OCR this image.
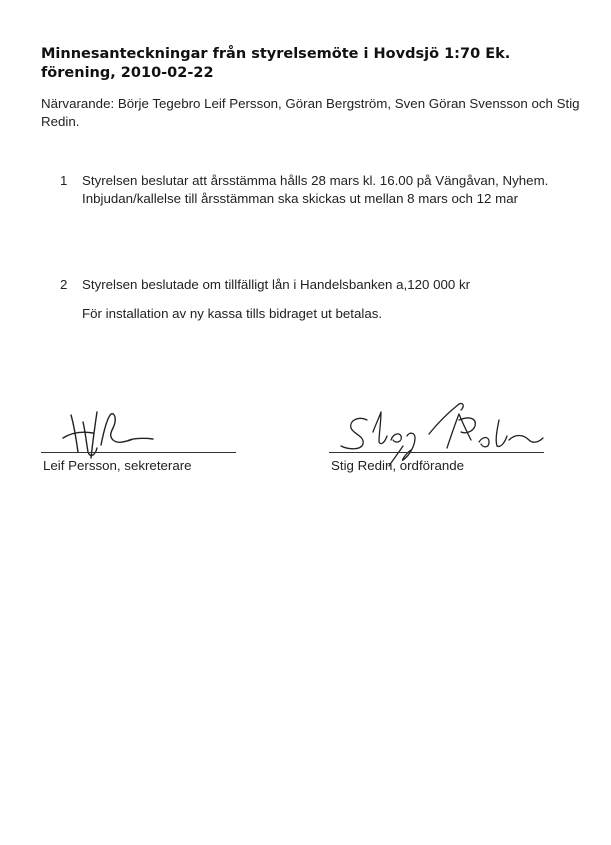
Minnesanteckningar från styrelsemöte i Hovdsjö 1:70 Ek. förening, 2010-02-22
Närvarande: Börje Tegebro Leif Persson, Göran Bergström, Sven Göran Svensson och Stig Redin.
1	Styrelsen beslutar att årsstämma hålls 28 mars kl. 16.00 på Vängåvan, Nyhem.

Inbjudan/kallelse till årsstämman ska skickas ut mellan 8 mars och 12 mar

2	Styrelsen beslutade om tillfälligt lån i Handelsbanken a,120 000 kr

För installation av ny kassa tills bidraget ut betalas.

Leif Persson, sekreterare	Stig Redin, ordförande
